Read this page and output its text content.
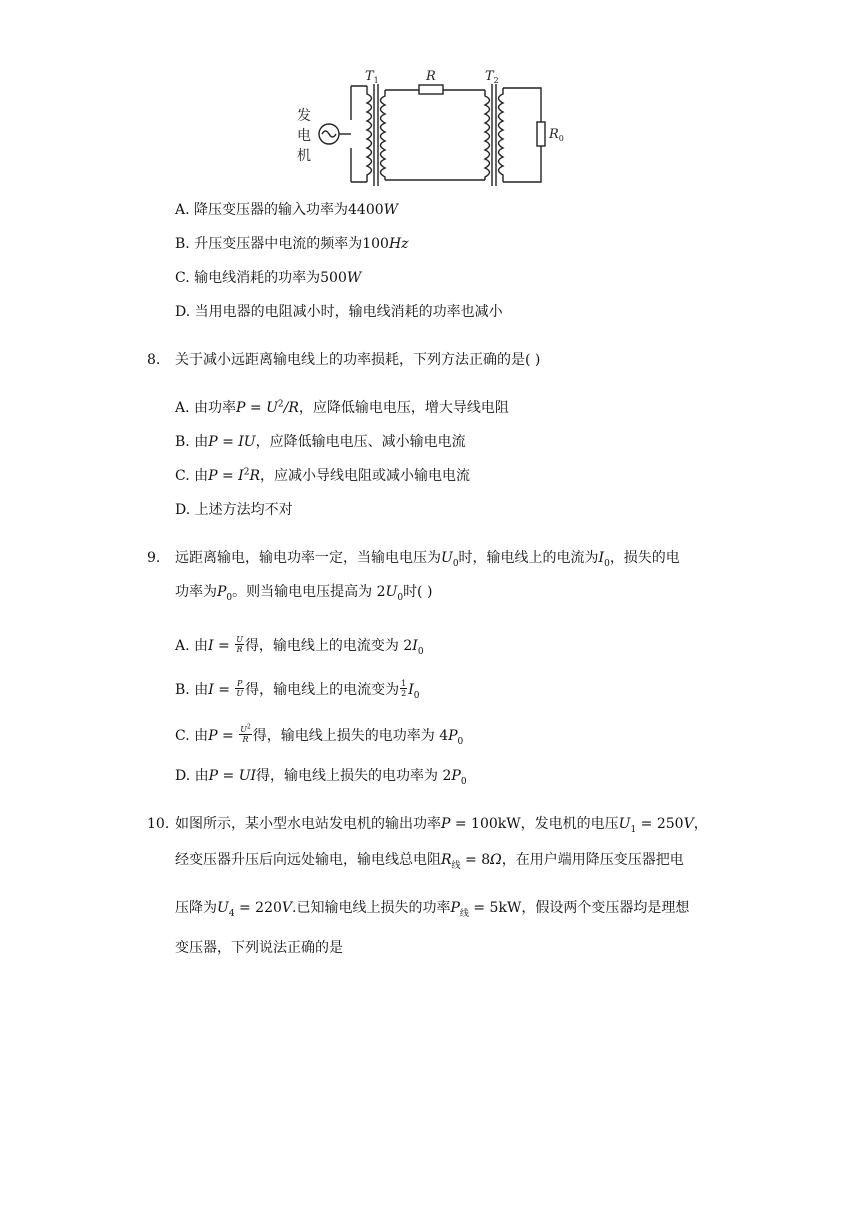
$T_1$	R	$T_2$
$R_0$
发
电
机
A. 降压变压器的输入功率为4400W
B. 升压变压器中电流的频率为100Hz
C. 输电线消耗的功率为500W
D. 当用电器的电阻减小时，输电线消耗的功率也减小
8. 关于减小远距离输电线上的功率损耗，下列方法正确的是( )
A. 由功率$P = U^2/R$，应降低输电电压，增大导线电阻
B. 由P = IU，应降低输电电压、减小输电电流
C. 由$P = I^2R$，应减小导线电阻或减小输电电流
D. 上述方法均不对
9. 远距离输电，输电功率一定，当输电电压为$U_0$时，输电线上的电流为$I_0$，损失的电
功率为$P_0$。则当输电电压提高为 $2U_0$时( )
A. 由$I = \frac{U}{R}$ 得，输电线上的电流变为 $2I_0$
B. 由$I = \frac{P}{U}$ 得，输电线上的电流变为 $\frac{1}{2} I_0$
C. 由$P = \frac{U^2}{R}$ 得，输电线上损失的电功率为 $4P_0$
D. 由P = UI得，输电线上损失的电功率为 $2P_0$
10. 如图所示，某小型水电站发电机的输出功率P = 100kW，发电机的电压$U_1 = 250V$，
经变压器升压后向远处输电，输电线总电阻$R_线 = 8\Omega$，在用户端用降压变压器把电
压降为$U_4 = 220V$.已知输电线上损失的功率$P_线 = 5kW$，假设两个变压器均是理想
变压器，下列说法正确的是
